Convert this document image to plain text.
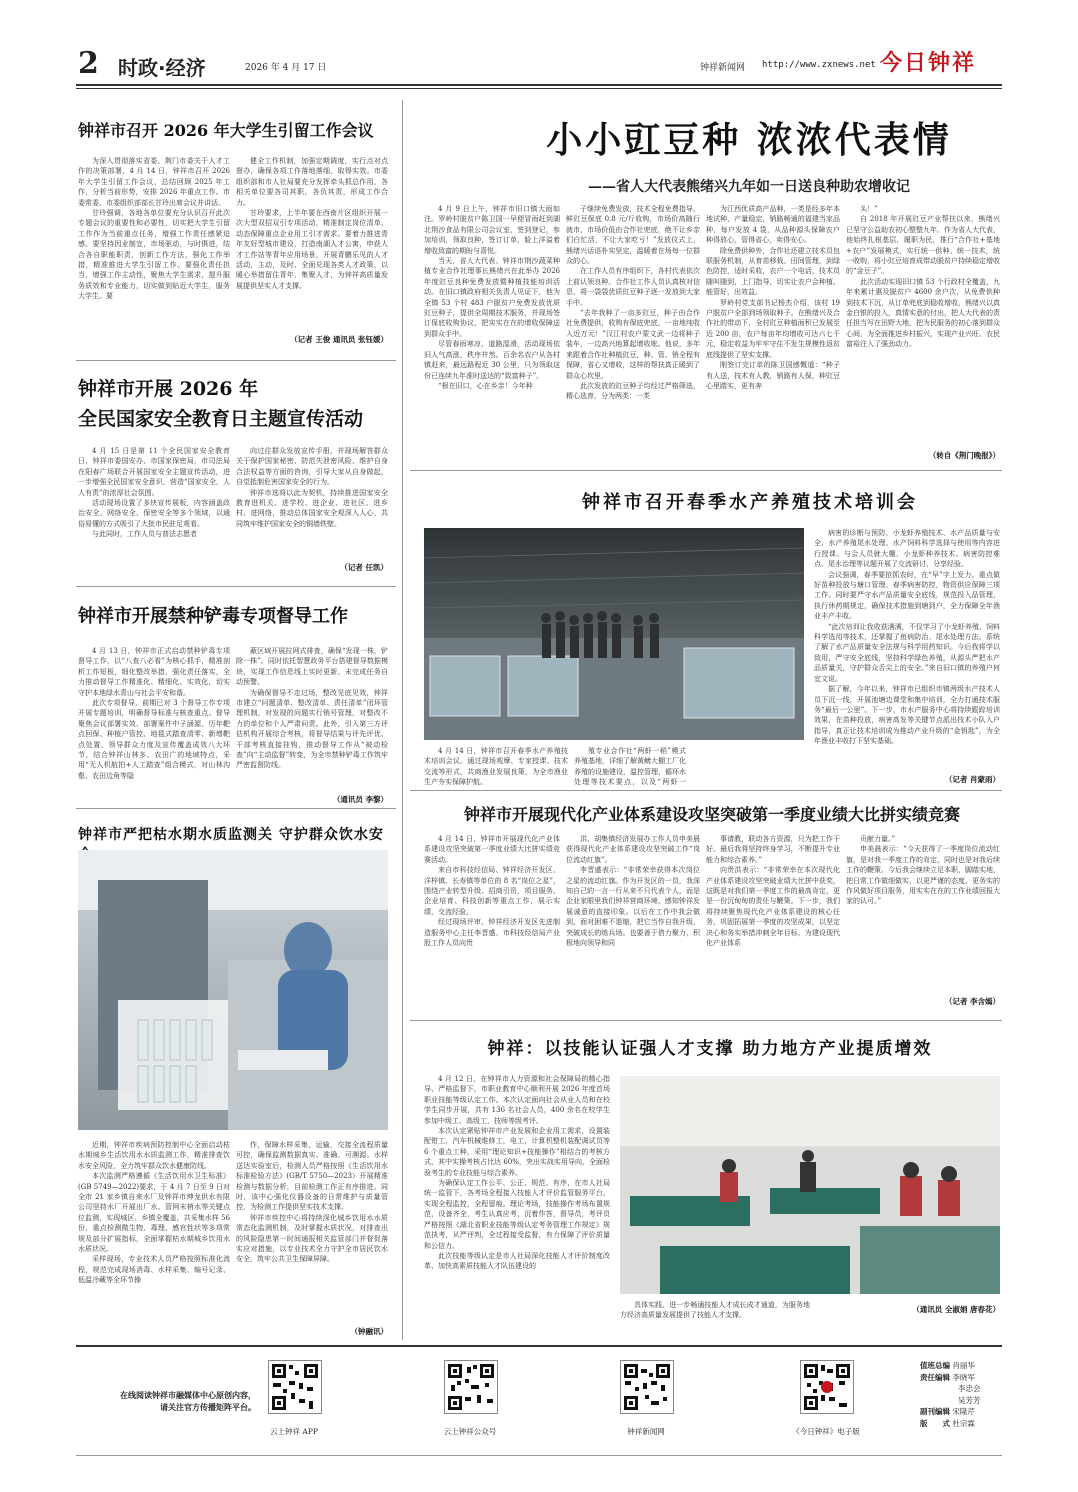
2 时政·经济	2026 年 4 月 17 日	钟祥新闻网 http://www.zxnews.net 今日钟祥
钟祥市召开 2026 年大学生引留工作会议

为深入贯彻落实省委、荆门市委关于人才工作的决策部署，4 月 14 日，钟祥市召开 2026 年大学生引留工作会议，总结回顾 2025 年工作，分析当前形势，安排 2026 年重点工作。市委常委、市委组织部部长甘玲出席会议并讲话。

甘玲强调，各地各单位要充分认识召开此次专题会议的重要性和必要性，切实把大学生引留工作作为当前重点任务，增强工作责任感紧迫感。要坚持因业制宜，市场驱动，与时俱进，结合各自职能职责，创新工作方法，强化工作举措，精准推进大学生引留工作。要强化责任担当，增强工作主动性，聚焦大学生需求，提升服务质效和专业能力，切实做到贴近大学生，服务大学生。要

健全工作机制，加强定期调度，实行点对点督办，确保各项工作落地落细、取得实效。市委组织部和市人社局要充分发挥牵头抓总作用，各相关单位要各司其职，各负其责，形成工作合力。

甘玲要求，上半年要在西南片区组织开展一次大型双招双引专项活动，精准制定岗位清单，动态保障重点企业用工引才需求。要着力推进青年友好型城市建设，打造南湖人才公寓，申获人才工作站等青年应用场景，开展青鹏乐见的人才活动，主动，及时、全面兑现各类人才政策，以暖心举措留住青年，集聚人才，为钟祥高质量发展提供坚实人才支撑。

（记者 王俊 通讯员 张钰媛）
钟祥市开展 2026 年
全民国家安全教育日主题宣传活动

4 月 15 日是第 11 个全民国家安全教育日，钟祥市委国安办、市国家保密局，市司法局在阳春广场联合开展国家安全主题宣传活动，进一步增强全民国家安全意识，营造“国家安全，人人有责”的浓厚社会氛围。

活动现场设置了多块宣传展板，内容涵盖政治安全、网络安全、保密安全等多个领域，以通俗易懂的方式吸引了大批市民驻足观看。

与此同时，工作人员与普法志愿者

向过往群众发放宣传手册，并现场解答群众关于保护国家秘密、防范失泄密风险、维护自身合法权益等方面的咨询，引导大家从自身做起，自觉抵制危害国家安全的行为。

钟祥市选将以此为契机，持续推进国家安全教育进机关、进学校、进企业、进社区、进乡村、进网络，推动总体国家安全观深入人心，共同筑牢维护国家安全的铜墙铁壁。

（记者 任凯）
钟祥市开展禁种铲毒专项督导工作

4 月 13 日，钟祥市正式启动禁种铲毒专项督导工作，以“八查八必看”为核心抓手，精准剖析工作短板，细化整改举措，强化责任落实，全力推动督导工作精准化、精细化、实效化，切实守护本地绿水青山与社会平安和谐。

此次专项督导，前期已对 3 个督导工作专项开展专题培训，明确督导标准与核查重点。督导聚焦会议部署实效、部署案件中子涵源、历年靶点回保、种植户管控、地毯式踏查清零、新增靶点处置、领导群众力度及宣传覆盖成效八大环节，结合钟祥山林多、农田广的地域特点，采用“无人机航拍+人工踏查”组合模式，对山林沟壑、农田边角等隐

蔽区域开展拉网式排查，确保“发现一株，铲除一株”。同时依托智慧政务平台搭建督导数据模块，实现工作信息线上实时更新、未完成任务自动预警。

为确保督导不走过场，整改见底见效，钟祥市建立“问题清单、整改清单、责任清单”闭环管理机制，对发现的问题实行销号管理，对整改不力的单位和个人严肃问责。此外，引入第三方评估机构开展综合考核，将督导结果与评先评优、干部考核直接挂钩，推动督导工作从“被动检查”向“主动监督”转变，为全市禁种铲毒工作筑牢严密监督防线。

（通讯员 李黎）
钟祥市严把枯水期水质监测关 守护群众饮水安

近期，钟祥市疾病预防控制中心全面启动枯水期城乡生活饮用水水质监测工作，精准排查饮水安全风险，全力筑牢群众饮水健康防线。

本次监测严格遵循《生活饮用水卫生标准》(GB 5749—2022)要求，于 4 月 7 日至 9 日对全市 21 家乡镇自来水厂及钟祥市坤龙供水有限公司坚持水厂开展出厂水、管网末梢水等关键点位监测，实现城区、乡镇全覆盖，共采集水样 56 份，重点检测微生物、毒理、感官性状等多项常规及部分扩展指标，全面掌握枯水期城乡饮用水水质状况。

采样现场，专业技术人员严格按照标准化流程，规范完成现场消毒、水样采集、编号记录、低温冷藏等全环节操

作，保障水样采集、运输，交接全流程质量可控，确保监测数据真实、准确、可溯源。水样送达实验室后，检测人员严格按照《生活饮用水标准检验方法》(GB/T 5750—2023）开展精准检测与数据分析，目前检测工作正有序推进。同时，该中心强化仪器设备的日常维护与质量管控，为检测工作提供坚实技术支撑。

钟祥市疾控中心将持续深化城乡饮用水水质常态化监测机制，及时掌握水质状况，对排查出的风险隐患第一时间通报相关监管部门并督促落实应对措施，以专业技术全力守护全市居民饮水安全，筑牢公共卫生保障屏障。

（钟融讯）
小小豇豆种 浓浓代表情
——省人大代表熊绪兴九年如一日送良种助农增收记

4 月 9 日上午，钟祥市旧口镇大雨如注。罗岭村脱贫户陈卫国一早便冒雨赶到湖北荆沙食品有限公司会议室，签到登记，参加培训，领取良种，签订订单，脸上洋溢着增收致富的期盼与喜悦。

当天，省人大代表、钟祥市荆沙蔬菜种植专业合作社理事长熊绪兴在此举办 2026 年度豇豆良种免费发放暨种植技能培训活动。在旧口镇政府相关负责人见证下，他为全镇 53 个村 483 户脱贫户免费发放优质豇豆种子，提供全周期技术服务，并现场签订保底收购协议，把实实在在的增收保障送到群众手中。

尽管春雨寒凉，道路湿滑，活动现场依旧人气高涨，秩序井然。百余名农户从各村镇赶来，最远路程近 30 公里，只为领取这份已连续九年准时送达的“致富种子”。

“根在旧口，心在乡亲！今年种

子继续免费发放，技术全程免费指导，鲜豇豆保底 0.8 元/斤收购，市场价高随行就市，市场价低由合作社兜底，绝不让乡亲们白忙活，不让大家吃亏！”发放仪式上，熊绪兴话语朴实坚定，温暖着在场每一位群众的心。

在工作人员有序组织下，各村代表依次上前认领良种。合作社工作人员认真核对信息，将一袋袋优质豇豆种子逐一发放到大家手中。

“去年我种了一亩多豇豆，种子由合作社免费提供，收购有保底兜底，一亩地纯收入近万元！”汉江村农户蒙文武一边将种子装车，一边高兴地算起增收账。他说，多年来跟着合作社种植豇豆，种、管、销全程有保障，省心又增收，这样的帮扶真正暖到了群众心坎里。

此次发放的豇豆种子均经过严格筛选，精心选育，分为两类：一类

为江西优质高产品种，一类是经多年本地试种、产量稳定，销路畅通的福建当家品种，每户发放 4 袋，从品种源头保障农户种得放心，管得省心，卖得安心。

除免费供种外，合作社还建立技术员包联服务机制，从育苗移栽、田间管理，到绿色防控，适时采收，农户一个电话，技术员随叫随到，上门指导，切实让农户会种植、能管好，出效益。

罗岭村党支部书记杨杰介绍，该村 19 户脱贫户全部到场领取种子。在熊绪兴及合作社的带动下，全村豇豆种植面积已发展至近 200 亩，农户每亩年均增收可达六七千元，稳定收益为牢牢守住不发生规模性返贫底线提供了坚实支撑。

刚签订完订单的陈卫国感慨道：“种子有人送，技术有人教，销路有人保，种豇豆心里踏实，更有奔

头！”

自 2018 年开展豇豆产业帮扶以来，熊绪兴已坚守公益助农初心整整九年。作为省人大代表，他始终扎根基层，履职为民，推行“合作社+基地+农户”发展模式，实行统一供种、统一技术，统一收购，将小豇豆培育成带动脱贫户持续稳定增收的“金豆子”。

此次活动实现旧口镇 53 个行政村全覆盖，九年来累计惠及脱贫户 4600 余户次，从免费供种到技术下沉，从订单兜底到稳收增收，熊绪兴以真金白银的投入，真情实意的付出，把人大代表的责任担当写在田野大地，把为民服务的初心落到群众心间，为全面推进乡村振兴，实现产业兴旺、农民富裕注入了强劲动力。

（转自《荆门晚报》）
钟祥市召开春季水产养殖技术培训会

4 月 14 日，钟祥市召开春季水产养殖技术培训会议。通过现场观摩、专家授课、技术交流等形式，共商渔业发展良策，为全市渔业生产夯实保障护航。

殖专业合作社“两虾一稻”模式养殖基地，详细了解黄鳝大棚工厂化养殖的设施建设，温控管理，循环水处理等技术要点，以及“两虾一

病害的诊断与预防、小龙虾养殖技术、水产品质量与安全、水产养殖尾水处理、水产饲料科学选择与使用等内容进行授课。与会人员就大棚、小龙虾种养技术、病害防控难点、尾水治理等议题开展了交流研讨，分享经验。

会议强调，春季要抢抓农时，在“早”字上发力。重点做好苗种投放与塘口管理、春季病害防控，物资供应保障三项工作。同时要严守水产品质量安全底线，规范投入品管理，执行休药期规定，确保技术措施到塘到户，全力保障全年渔业丰产丰收。

“此次培训让我收获满满，不仅学习了小龙虾养殖、饲料科学选用等技术，还掌握了鱼病防治、尾水处理方法。系统了解了水产品质量安全法规与科学用药知识。今后我将学以致用，严守安全底线，坚持科学绿色养殖，从源头严把水产品质量关，守护群众舌尖上的安全。”来自旧口镇的养殖户何宜文说。

据了解，今年以来，钟祥市已组织市镇两级水产技术人员下沉一线，开展池塘边课堂和集中培训，全力打通技术服务“最后一公里”。下一步，市水产服务中心将持续跟踪培训效果，在苗种投放，病害高发等关键节点派出技术小队入户指导，真正让技术培训成为推动产业升级的“金钥匙”，为全年渔业丰收打下坚实基础。

（记者 肖蒙雨）
钟祥市开展现代化产业体系建设攻坚突破第一季度业绩大比拼实绩竞赛

4 月 14 日，钟祥市开展现代化产业体系建设攻坚突破第一季度业绩大比拼实绩竞赛活动。

来自市科技经信局、钟祥经济开发区、洋梓镇、长寿镇等单位的 8 名“岗位之星”，围绕产业转型升级、招商引资，项目服务、企业培育、科技创新等重点工作，展示实绩，交流经验。

经过现场评审，钟祥经济开发区先进制造服务中心主任李晋盛、市科技经信局产业股工作人员向贵

洪、胡集镇经济发展办工作人员申美晨获得现代化产业体系建设攻坚突破工作“岗位流动红旗”。

李晋盛表示：“非常荣幸获得本次岗位之星的流动红旗。作为开发区的一员，我深知自己的一言一行从来不只代表个人，而是企业家眼里我们钟祥营商环境、感知钟祥发展诚意的直接印象。以后在工作中我会做到，面对困难不退缩，把它当作自我升级，突破成长的练兵场。也要善于借力聚力，积极地向领导和同

事请教，联动各方资源，只为把工作干好。最后我将坚持终身学习，不断提升专业能力和综合素养。”

向贵洪表示：“非常荣幸在本次现代化产业体系建设攻坚突破业绩大比拼中获奖，这既是对我们第一季度工作的最高肯定，更是一份沉甸甸的责任与鞭策。下一步，我们将持续聚焦现代化产业体系建设的核心任务，巩固拓展第一季度的攻坚成果，以坚定决心和务实举措冲刺全年目标，为建设现代化产业体系

贡献力量。”

申美晨表示：“今天获得了一季度岗位流动红旗，是对我一季度工作的肯定，同时也是对我后续工作的鞭策。今后我会继续立足本职，脚踏实地，把日常工作做细做实，以更严谨的态度、更务实的作风做好项目服务，用实实在在的工作业绩回报大家的认可。”

（记者 李含嫣）
钟祥：以技能认证强人才支撑 助力地方产业提质增效

4 月 12 日，在钟祥市人力资源和社会保障局的精心指导、严格监督下，市职业教育中心顺利开展 2026 年度首场职业技能等级认定工作。本次认定面向社会从业人员和在校学生同步开展，共有 136 名社会人员，400 余名在校学生参加中级工、高级工，技师等级考评。

本次认定紧贴钟祥市产业发展和企业用工需求，设置装配钳工，汽车机械维修工，电工，计算机整机装配调试员等 6 个重点工种，采用“理论知识+技能操作”相结合的考核方式，其中实操考核占比达 60%，突出实战实用导向，全面检验考生的专业技能与综合素养。

为确保认定工作公平、公正、规范、有序，在市人社局统一监管下，各考场全程接入技能人才评价监管服务平台，实现全程监控，全程留痕。理论考场，技能操作考场布置规范，设备齐全，考生认真应考，沉着作答，督导员，考评员严格按照《湖北省职业技能等级认定考务管理工作规定》规范执考，从严评判，全过程接受监督，有力保障了评价质量和公信力。

此次技能等级认定是市人社局深化技能人才评价制度改革、加快高素质技能人才队伍建设的

具体实践，进一步畅通技能人才成长成才通道，为服务地方经济高质量发展提供了技能人才支撑。

（通讯员 全淑娟 唐春花）
在线阅读钟祥市融媒体中心原创内容，
请关注官方传播矩阵平台。
云上钟祥 APP	云上钟祥公众号	钟祥新闻网	《今日钟祥》电子版
值班总编 肖丽华
责任编辑 李晓军
李忠会
吴芳芳
副刊编辑 宋隆芹
版　　式 杜宗霖
